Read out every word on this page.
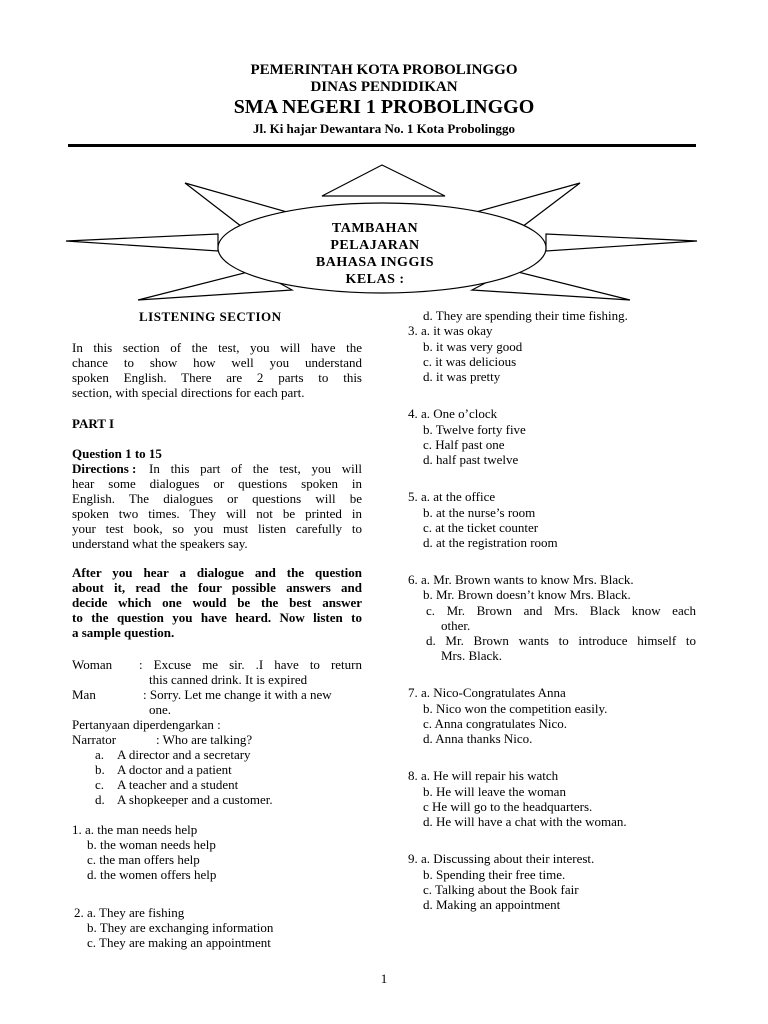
PEMERINTAH KOTA PROBOLINGGO
DINAS PENDIDIKAN
SMA NEGERI 1 PROBOLINGGO
Jl. Ki hajar Dewantara No. 1 Kota Probolinggo
TAMBAHAN
PELAJARAN
BAHASA INGGIS
KELAS :
LISTENING SECTION
In this section of the test, you will have the
chance to show how well you understand
spoken English. There are 2 parts to this
section, with special directions for each part.
PART I
Question 1 to 15
Directions : In this part of the test, you will
hear some dialogues or questions spoken in
English. The dialogues or questions will be
spoken two times. They will not be printed in
your test book, so you must listen carefully to
understand what the speakers say.
After you hear a dialogue and the question
about it, read the four possible answers and
decide which one would be the best answer
to the question you have heard. Now listen to
a sample question.
Woman : Excuse me sir. .I have to return
this canned drink. It is expired
Man	: Sorry. Let me change it with a new
one.
Pertanyaan diperdengarkan :
Narrator	: Who are talking?
a. A director and a secretary
b. A doctor and a patient
c. A teacher and a student
d. A shopkeeper and a customer.
1. a. the man needs help
b. the woman needs help
c. the man offers help
d. the women offers help
2. a. They are fishing
b. They are exchanging information
c. They are making an appointment
d. They are spending their time fishing.
3. a. it was okay
b. it was very good
c. it was delicious
d. it was pretty
4. a. One o’clock
b. Twelve forty five
c. Half past one
d. half past twelve
5. a. at the office
b. at the nurse’s room
c. at the ticket counter
d. at the registration room
6. a. Mr. Brown wants to know Mrs. Black.
b. Mr. Brown doesn’t know Mrs. Black.
c. Mr. Brown and Mrs. Black know each
other.
d. Mr. Brown wants to introduce himself to
Mrs. Black.
7. a. Nico-Congratulates Anna
b. Nico won the competition easily.
c. Anna congratulates Nico.
d. Anna thanks Nico.
8. a. He will repair his watch
b. He will leave the woman
c He will go to the headquarters.
d. He will have a chat with the woman.
9. a. Discussing about their interest.
b. Spending their free time.
c. Talking about the Book fair
d. Making an appointment
1
